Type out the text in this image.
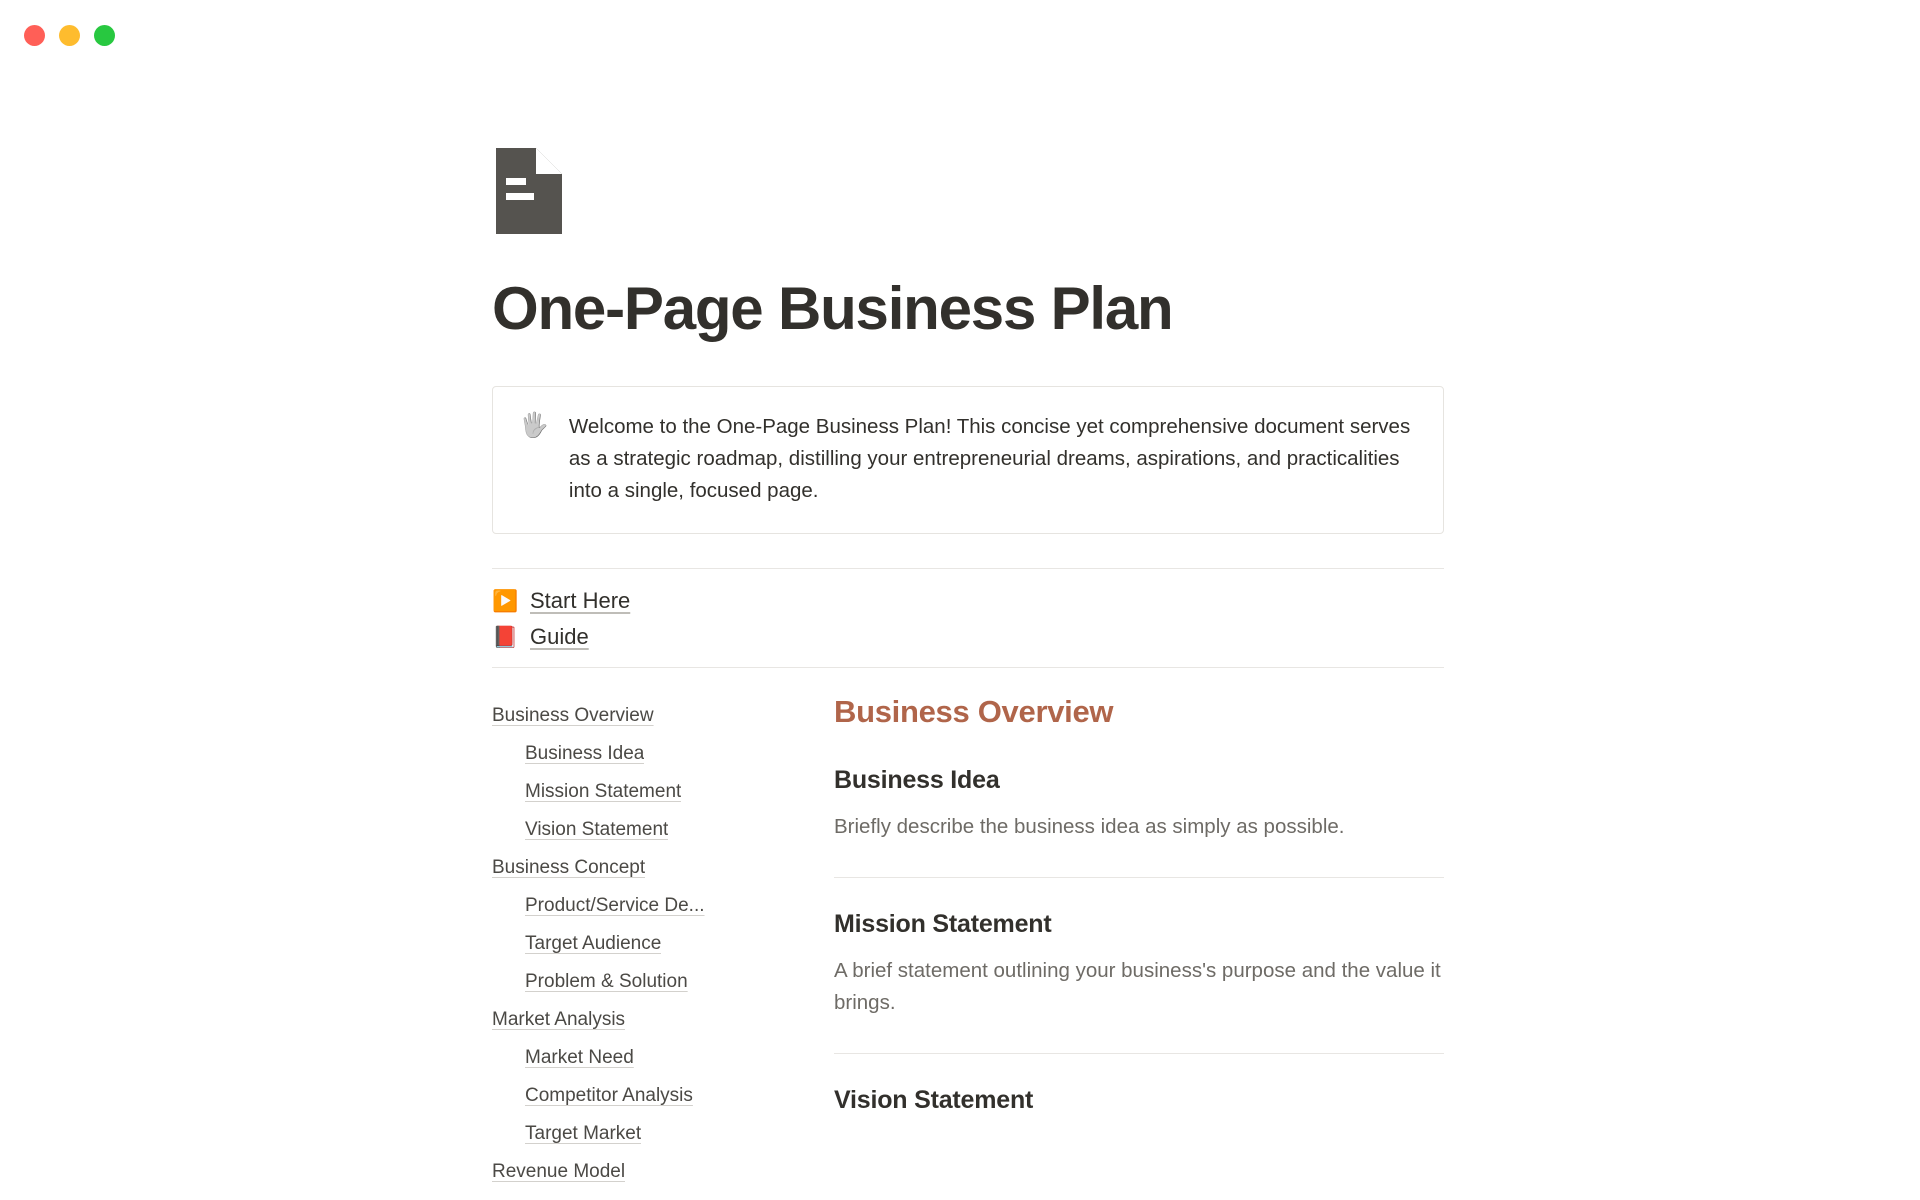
One-Page Business Plan
🖐 Welcome to the One-Page Business Plan! This concise yet comprehensive document serves as a strategic roadmap, distilling your entrepreneurial dreams, aspirations, and practicalities into a single, focused page.
▶️ Start Here
📕 Guide
Business Overview
Business Idea
Mission Statement
Vision Statement
Business Concept
Product/Service De...
Target Audience
Problem & Solution
Market Analysis
Market Need
Competitor Analysis
Target Market
Revenue Model
Business Overview
Business Idea

Briefly describe the business idea as simply as possible.

Mission Statement

A brief statement outlining your business's purpose and the value it brings.

Vision Statement
